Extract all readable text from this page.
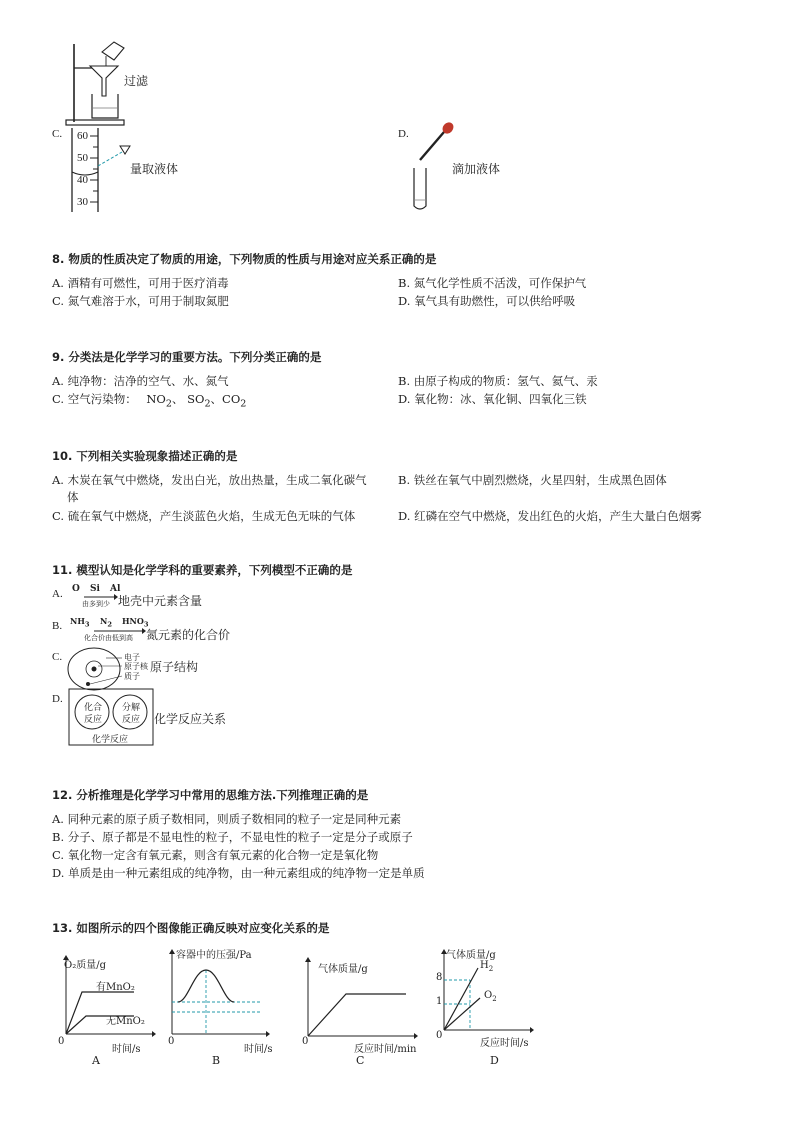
过滤
C. 60
50
40
30
量取液体
D.
滴加液体
8. 物质的性质决定了物质的用途，下列物质的性质与用途对应关系正确的是
A. 酒精有可燃性，可用于医疗消毒	B. 氮气化学性质不活泼，可作保护气
C. 氮气难溶于水，可用于制取氮肥	D. 氧气具有助燃性，可以供给呼吸
9. 分类法是化学学习的重要方法。下列分类正确的是
A. 纯净物：洁净的空气、水、氮气	B. 由原子构成的物质：氢气、氦气、汞
C. 空气污染物： $NO_2$、 $SO_2$、$CO_2$	D. 氧化物：冰、氧化铜、四氧化三铁
10. 下列相关实验现象描述正确的是
A. 木炭在氧气中燃烧，发出白光，放出热量，生成二氧化碳气
体
B. 铁丝在氧气中剧烈燃烧，火星四射，生成黑色固体
C. 硫在氧气中燃烧，产生淡蓝色火焰，生成无色无味的气体	D. 红磷在空气中燃烧，发出红色的火焰，产生大量白色烟雾
11. 模型认知是化学学科的重要素养，下列模型不正确的是
A. O Si Al
由多到少 地壳中元素含量
B. $NH_3$ $N_2$ $HNO_3$
化合价由低到高 氮元素的化合价
C.	电子
原子核
质子
原子结构
D.
化合
反应
分解
反应
化学反应
化学反应关系
12. 分析推理是化学学习中常用的思维方法.下列推理正确的是
A. 同种元素的原子质子数相同，则质子数相同的粒子一定是同种元素
B. 分子、原子都是不显电性的粒子，不显电性的粒子一定是分子或原子
C. 氧化物一定含有氧元素，则含有氧元素的化合物一定是氧化物
D. 单质是由一种元素组成的纯净物，由一种元素组成的纯净物一定是单质
13. 如图所示的四个图像能正确反映对应变化关系的是
O₂质量/g
有MnO₂
无MnO₂
0
时间/s
A
容器中的压强/Pa
0
时间/s
B
气体质量/g
0
反应时间/min
C
气体质量/g
8
1
$H_2$
$O_2$
0
反应时间/s
D
